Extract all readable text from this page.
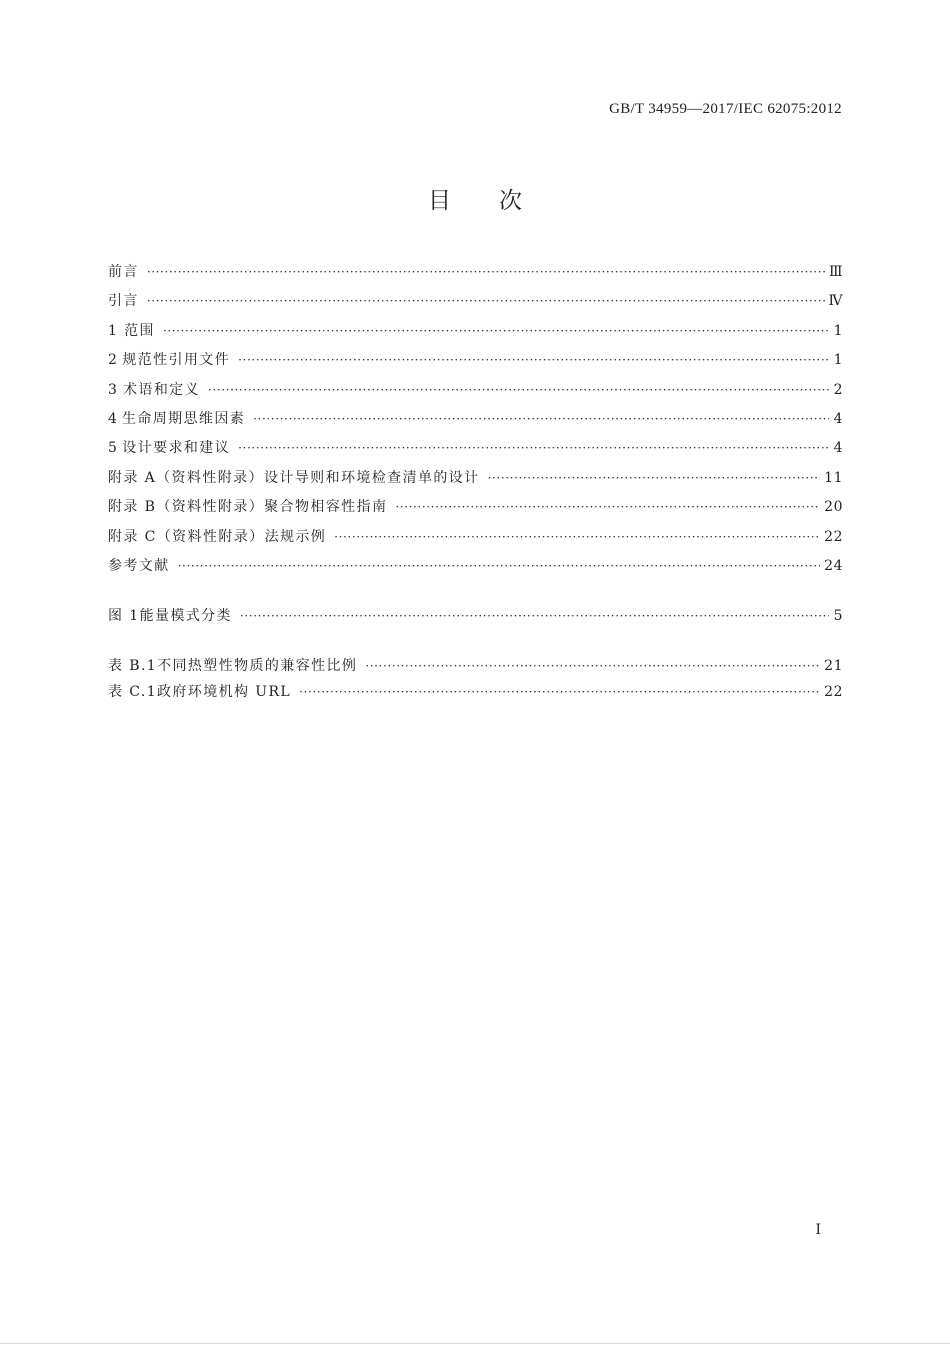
GB/T 34959—2017/IEC 62075:2012
目 次
前言 ·····	Ⅲ
引言 ·····	Ⅳ
1 范围 ·····	1
2 规范性引用文件 ·····	1
3 术语和定义 ·····	2
4 生命周期思维因素 ·····	4
5 设计要求和建议 ·····	4
附录 A（资料性附录） 设计导则和环境检查清单的设计 ·····	11
附录 B（资料性附录） 聚合物相容性指南 ·····	20
附录 C（资料性附录） 法规示例 ·····	22
参考文献 ·····	24
图 1 能量模式分类 ·····	5
表 B.1 不同热塑性物质的兼容性比例 ·····	21
表 C.1 政府环境机构 URL ·····	22
I
